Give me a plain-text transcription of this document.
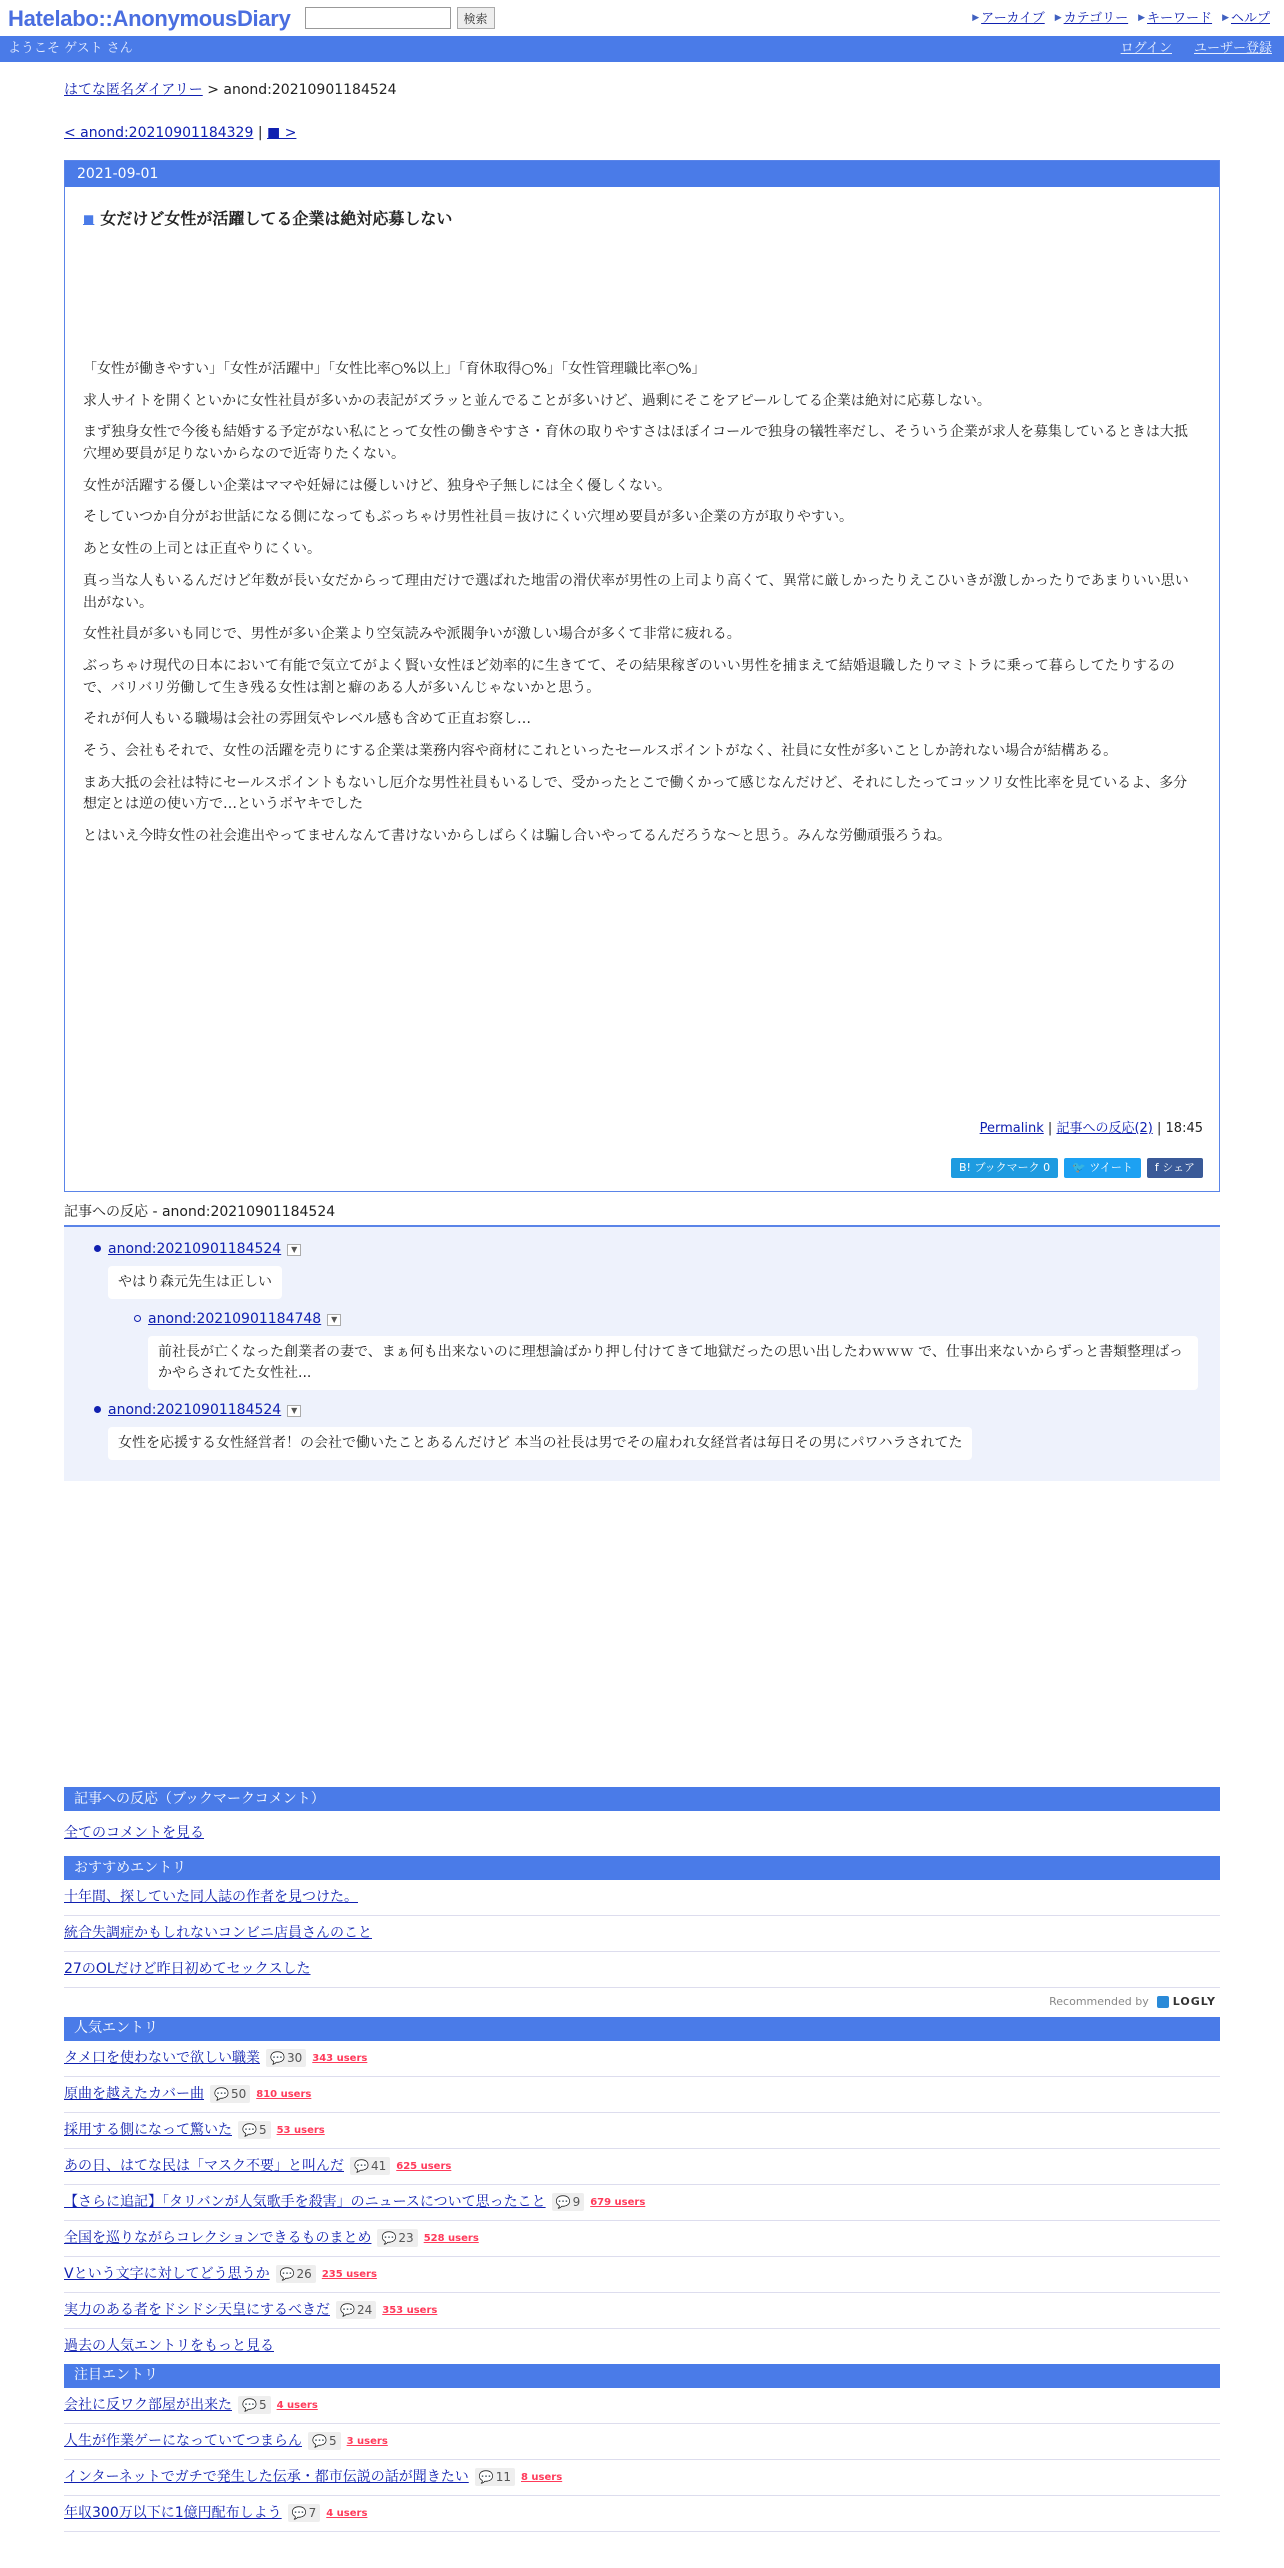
Hatelabo::AnonymousDiary	検索	▶ アーカイブ ▶ カテゴリー ▶ キーワード ▶ ヘルプ
ようこそ ゲスト さん	ログイン ユーザー登録
はてな匿名ダイアリー > anond:20210901184524
< anond:20210901184329 | ■ >
2021-09-01
■ 女だけど女性が活躍してる企業は絶対応募しない

「女性が働きやすい」「女性が活躍中」「女性比率○%以上」「育休取得○%」「女性管理職比率○%」

求人サイトを開くといかに女性社員が多いかの表記がズラッと並んでることが多いけど、過剰にそこをアピールしてる企業は絶対に応募しない。

まず独身女性で今後も結婚する予定がない私にとって女性の働きやすさ・育休の取りやすさはほぼイコールで独身の犠牲率だし、そういう企業が求人を募集しているときは大抵穴埋め要員が足りないからなので近寄りたくない。

女性が活躍する優しい企業はママや妊婦には優しいけど、独身や子無しには全く優しくない。

そしていつか自分がお世話になる側になってもぶっちゃけ男性社員＝抜けにくい穴埋め要員が多い企業の方が取りやすい。

あと女性の上司とは正直やりにくい。

真っ当な人もいるんだけど年数が長い女だからって理由だけで選ばれた地雷の滑伏率が男性の上司より高くて、異常に厳しかったりえこひいきが激しかったりであまりいい思い出がない。

女性社員が多いも同じで、男性が多い企業より空気読みや派閥争いが激しい場合が多くて非常に疲れる。

ぶっちゃけ現代の日本において有能で気立てがよく賢い女性ほど効率的に生きてて、その結果稼ぎのいい男性を捕まえて結婚退職したりマミトラに乗って暮らしてたりするので、バリバリ労働して生き残る女性は割と癖のある人が多いんじゃないかと思う。

それが何人もいる職場は会社の雰囲気やレベル感も含めて正直お察し…

そう、会社もそれで、女性の活躍を売りにする企業は業務内容や商材にこれといったセールスポイントがなく、社員に女性が多いことしか誇れない場合が結構ある。

まあ大抵の会社は特にセールスポイントもないし厄介な男性社員もいるしで、受かったとこで働くかって感じなんだけど、それにしたってコッソリ女性比率を見ているよ、多分想定とは逆の使い方で…というボヤキでした

とはいえ今時女性の社会進出やってませんなんて書けないからしばらくは騙し合いやってるんだろうな〜と思う。みんな労働頑張ろうね。

Permalink | 記事への反応(2) | 18:45
B! ブックマーク 0	🐦 ツイート f シェア
記事への反応 - anond:20210901184524
anond:20210901184524	▼
やはり森元先生は正しい
anond:20210901184748	▼
前社長が亡くなった創業者の妻で、まぁ何も出来ないのに理想論ばかり押し付けてきて地獄だったの思い出したわｗｗｗ で、仕事出来ないからずっと書類整理ばっかやらされてた女性社...
anond:20210901184524	▼
女性を応援する女性経営者！の会社で働いたことあるんだけど 本当の社長は男でその雇われ女経営者は毎日その男にパワハラされてた
記事への反応（ブックマークコメント）
全てのコメントを見る
おすすめエントリ
十年間、探していた同人誌の作者を見つけた。
統合失調症かもしれないコンビニ店員さんのこと
27のOLだけど昨日初めてセックスした
Recommended by LOGLY
人気エントリ
タメ口を使わないで欲しい職業 💬 30 343 users
原曲を越えたカバー曲 💬 50 810 users
採用する側になって驚いた 💬 5 53 users
あの日、はてな民は「マスク不要」と叫んだ 💬 41 625 users
【さらに追記】「タリバンが人気歌手を殺害」のニュースについて思ったこと 💬 9 679 users
全国を巡りながらコレクションできるものまとめ 💬 23 528 users
Vという文字に対してどう思うか 💬 26 235 users
実力のある者をドシドシ天皇にするべきだ 💬 24 353 users
過去の人気エントリをもっと見る
注目エントリ
会社に反ワク部屋が出来た 💬 5 4 users
人生が作業ゲーになっていてつまらん 💬 5 3 users
インターネットでガチで発生した伝承・都市伝説の話が聞きたい 💬 11 8 users
年収300万以下に1億円配布しよう 💬 7 4 users
